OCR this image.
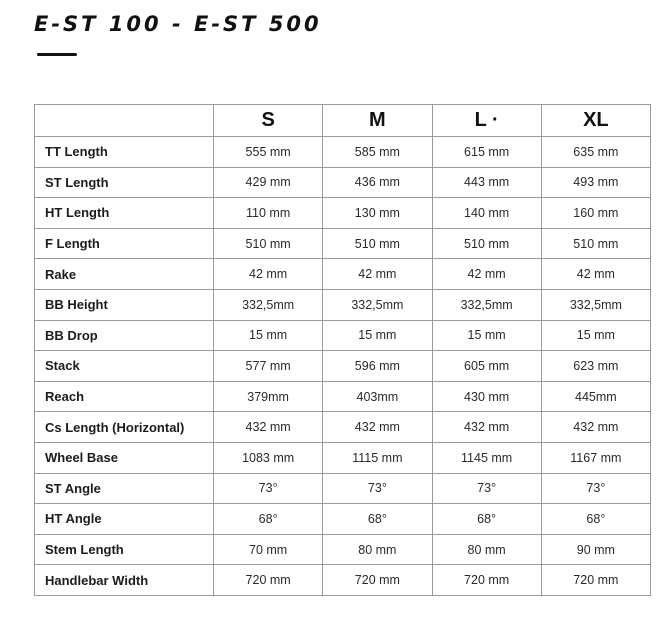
E-ST 100 - E-ST 500
	S	M	L ·	XL
TT Length	555 mm	585 mm	615 mm	635 mm
ST Length	429 mm	436 mm	443 mm	493 mm
HT Length	110 mm	130 mm	140 mm	160 mm
F Length	510 mm	510 mm	510 mm	510 mm
Rake	42 mm	42 mm	42 mm	42 mm
BB Height	332,5mm	332,5mm	332,5mm	332,5mm
BB Drop	15 mm	15 mm	15 mm	15 mm
Stack	577 mm	596 mm	605 mm	623 mm
Reach	379mm	403mm	430 mm	445mm
Cs Length (Horizontal)	432 mm	432 mm	432 mm	432 mm
Wheel Base	1083 mm	1115 mm	1145 mm	1167 mm
ST Angle	73°	73°	73°	73°
HT Angle	68°	68°	68°	68°
Stem Length	70 mm	80 mm	80 mm	90 mm
Handlebar Width	720 mm	720 mm	720 mm	720 mm
